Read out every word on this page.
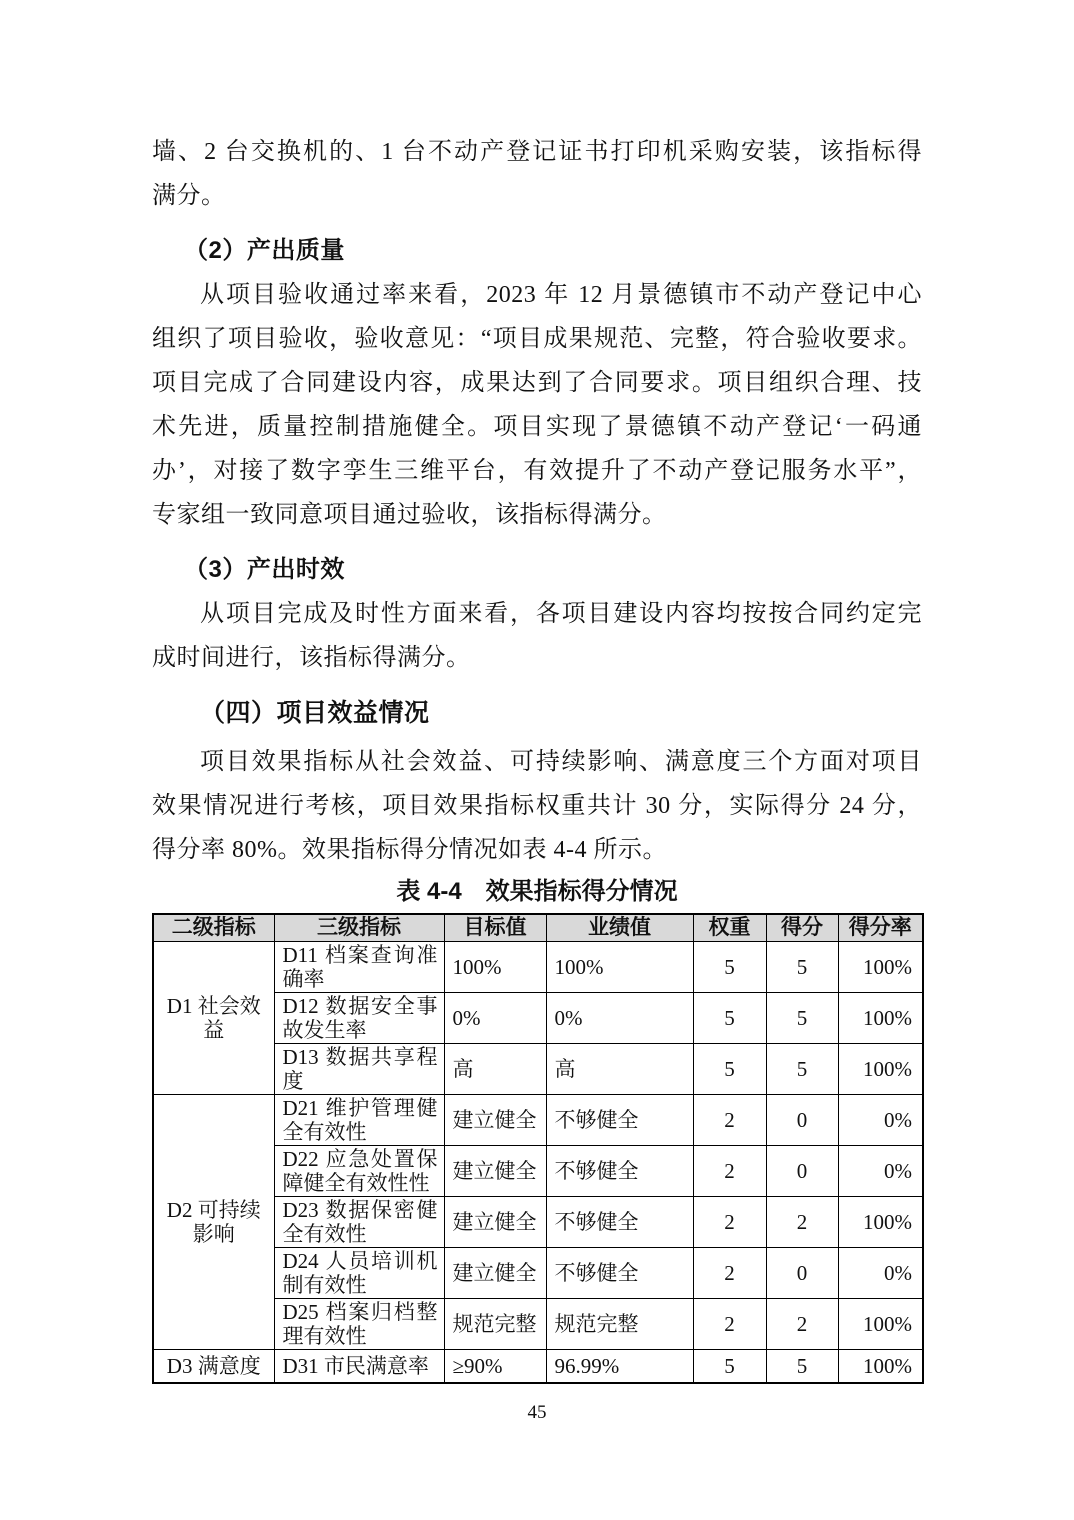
墙、2 台交换机的、1 台不动产登记证书打印机采购安装，该指标得
满分。
（2）产出质量
从项目验收通过率来看，2023 年 12 月景德镇市不动产登记中心
组织了项目验收，验收意见：“项目成果规范、完整，符合验收要求。
项目完成了合同建设内容，成果达到了合同要求。项目组织合理、技
术先进，质量控制措施健全。项目实现了景德镇不动产登记‘一码通
办’，对接了数字孪生三维平台，有效提升了不动产登记服务水平”，
专家组一致同意项目通过验收，该指标得满分。
（3）产出时效
从项目完成及时性方面来看，各项目建设内容均按按合同约定完
成时间进行，该指标得满分。
（四）项目效益情况
项目效果指标从社会效益、可持续影响、满意度三个方面对项目
效果情况进行考核，项目效果指标权重共计 30 分，实际得分 24 分，
得分率 80%。效果指标得分情况如表 4-4 所示。
表 4-4　效果指标得分情况
二级指标	三级指标	目标值	业绩值	权重	得分	得分率

D1 社会效
益	D11 档案查询准
确率	100%	100%	5	5	100%

	D12 数据安全事
故发生率	0%	0%	5	5	100%

	D13 数据共享程
度	高	高	5	5	100%

D2 可持续
影响	D21 维护管理健
全有效性	建立健全	不够健全	2	0	0%

	D22 应急处置保
障健全有效性性	建立健全	不够健全	2	0	0%

	D23 数据保密健
全有效性	建立健全	不够健全	2	2	100%

	D24 人员培训机
制有效性	建立健全	不够健全	2	0	0%

	D25 档案归档整
理有效性	规范完整	规范完整	2	2	100%

D3 满意度	D31 市民满意率	≥90%	96.99%	5	5	100%
45
